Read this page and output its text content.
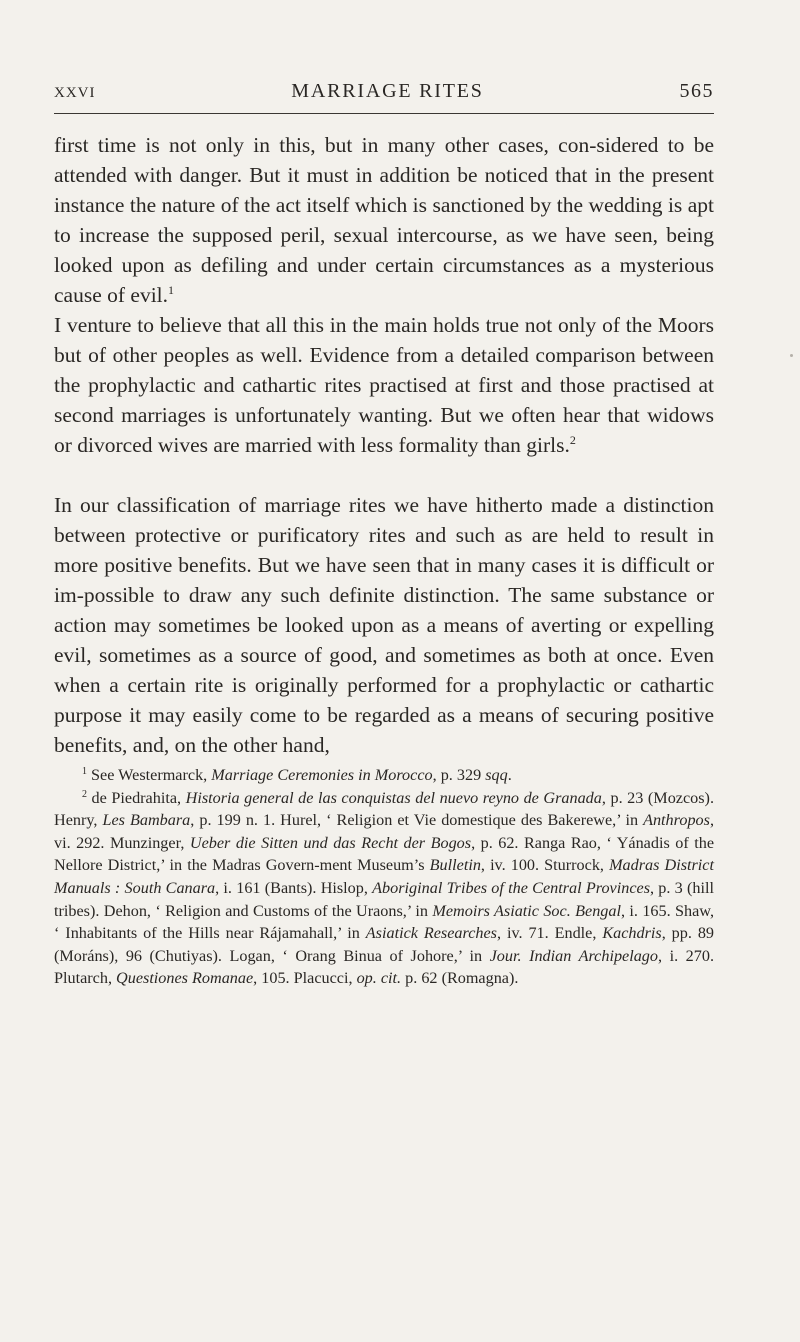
XXVI	MARRIAGE RITES	565

first time is not only in this, but in many other cases, con-sidered to be attended with danger. But it must in addition be noticed that in the present instance the nature of the act itself which is sanctioned by the wedding is apt to increase the supposed peril, sexual intercourse, as we have seen, being looked upon as defiling and under certain circumstances as a mysterious cause of evil.$^1$

I venture to believe that all this in the main holds true not only of the Moors but of other peoples as well. Evidence from a detailed comparison between the prophylactic and cathartic rites practised at first and those practised at second marriages is unfortunately wanting. But we often hear that widows or divorced wives are married with less formality than girls.$^2$

In our classification of marriage rites we have hitherto made a distinction between protective or purificatory rites and such as are held to result in more positive benefits. But we have seen that in many cases it is difficult or im-possible to draw any such definite distinction. The same substance or action may sometimes be looked upon as a means of averting or expelling evil, sometimes as a source of good, and sometimes as both at once. Even when a certain rite is originally performed for a prophylactic or cathartic purpose it may easily come to be regarded as a means of securing positive benefits, and, on the other hand,

$^1$ See Westermarck, Marriage Ceremonies in Morocco, p. 329 sqq.

$^2$ de Piedrahita, Historia general de las conquistas del nuevo reyno de Granada, p. 23 (Mozcos). Henry, Les Bambara, p. 199 n. 1. Hurel, ‘ Religion et Vie domestique des Bakerewe,’ in Anthropos, vi. 292. Munzinger, Ueber die Sitten und das Recht der Bogos, p. 62. Ranga Rao, ‘ Yánadis of the Nellore District,’ in the Madras Govern-ment Museum’s Bulletin, iv. 100. Sturrock, Madras District Manuals : South Canara, i. 161 (Bants). Hislop, Aboriginal Tribes of the Central Provinces, p. 3 (hill tribes). Dehon, ‘ Religion and Customs of the Uraons,’ in Memoirs Asiatic Soc. Bengal, i. 165. Shaw, ‘ Inhabitants of the Hills near Rájamahall,’ in Asiatick Researches, iv. 71. Endle, Kachdris, pp. 89 (Moráns), 96 (Chutiyas). Logan, ‘ Orang Binua of Johore,’ in Jour. Indian Archipelago, i. 270. Plutarch, Questiones Romanae, 105. Placucci, op. cit. p. 62 (Romagna).
